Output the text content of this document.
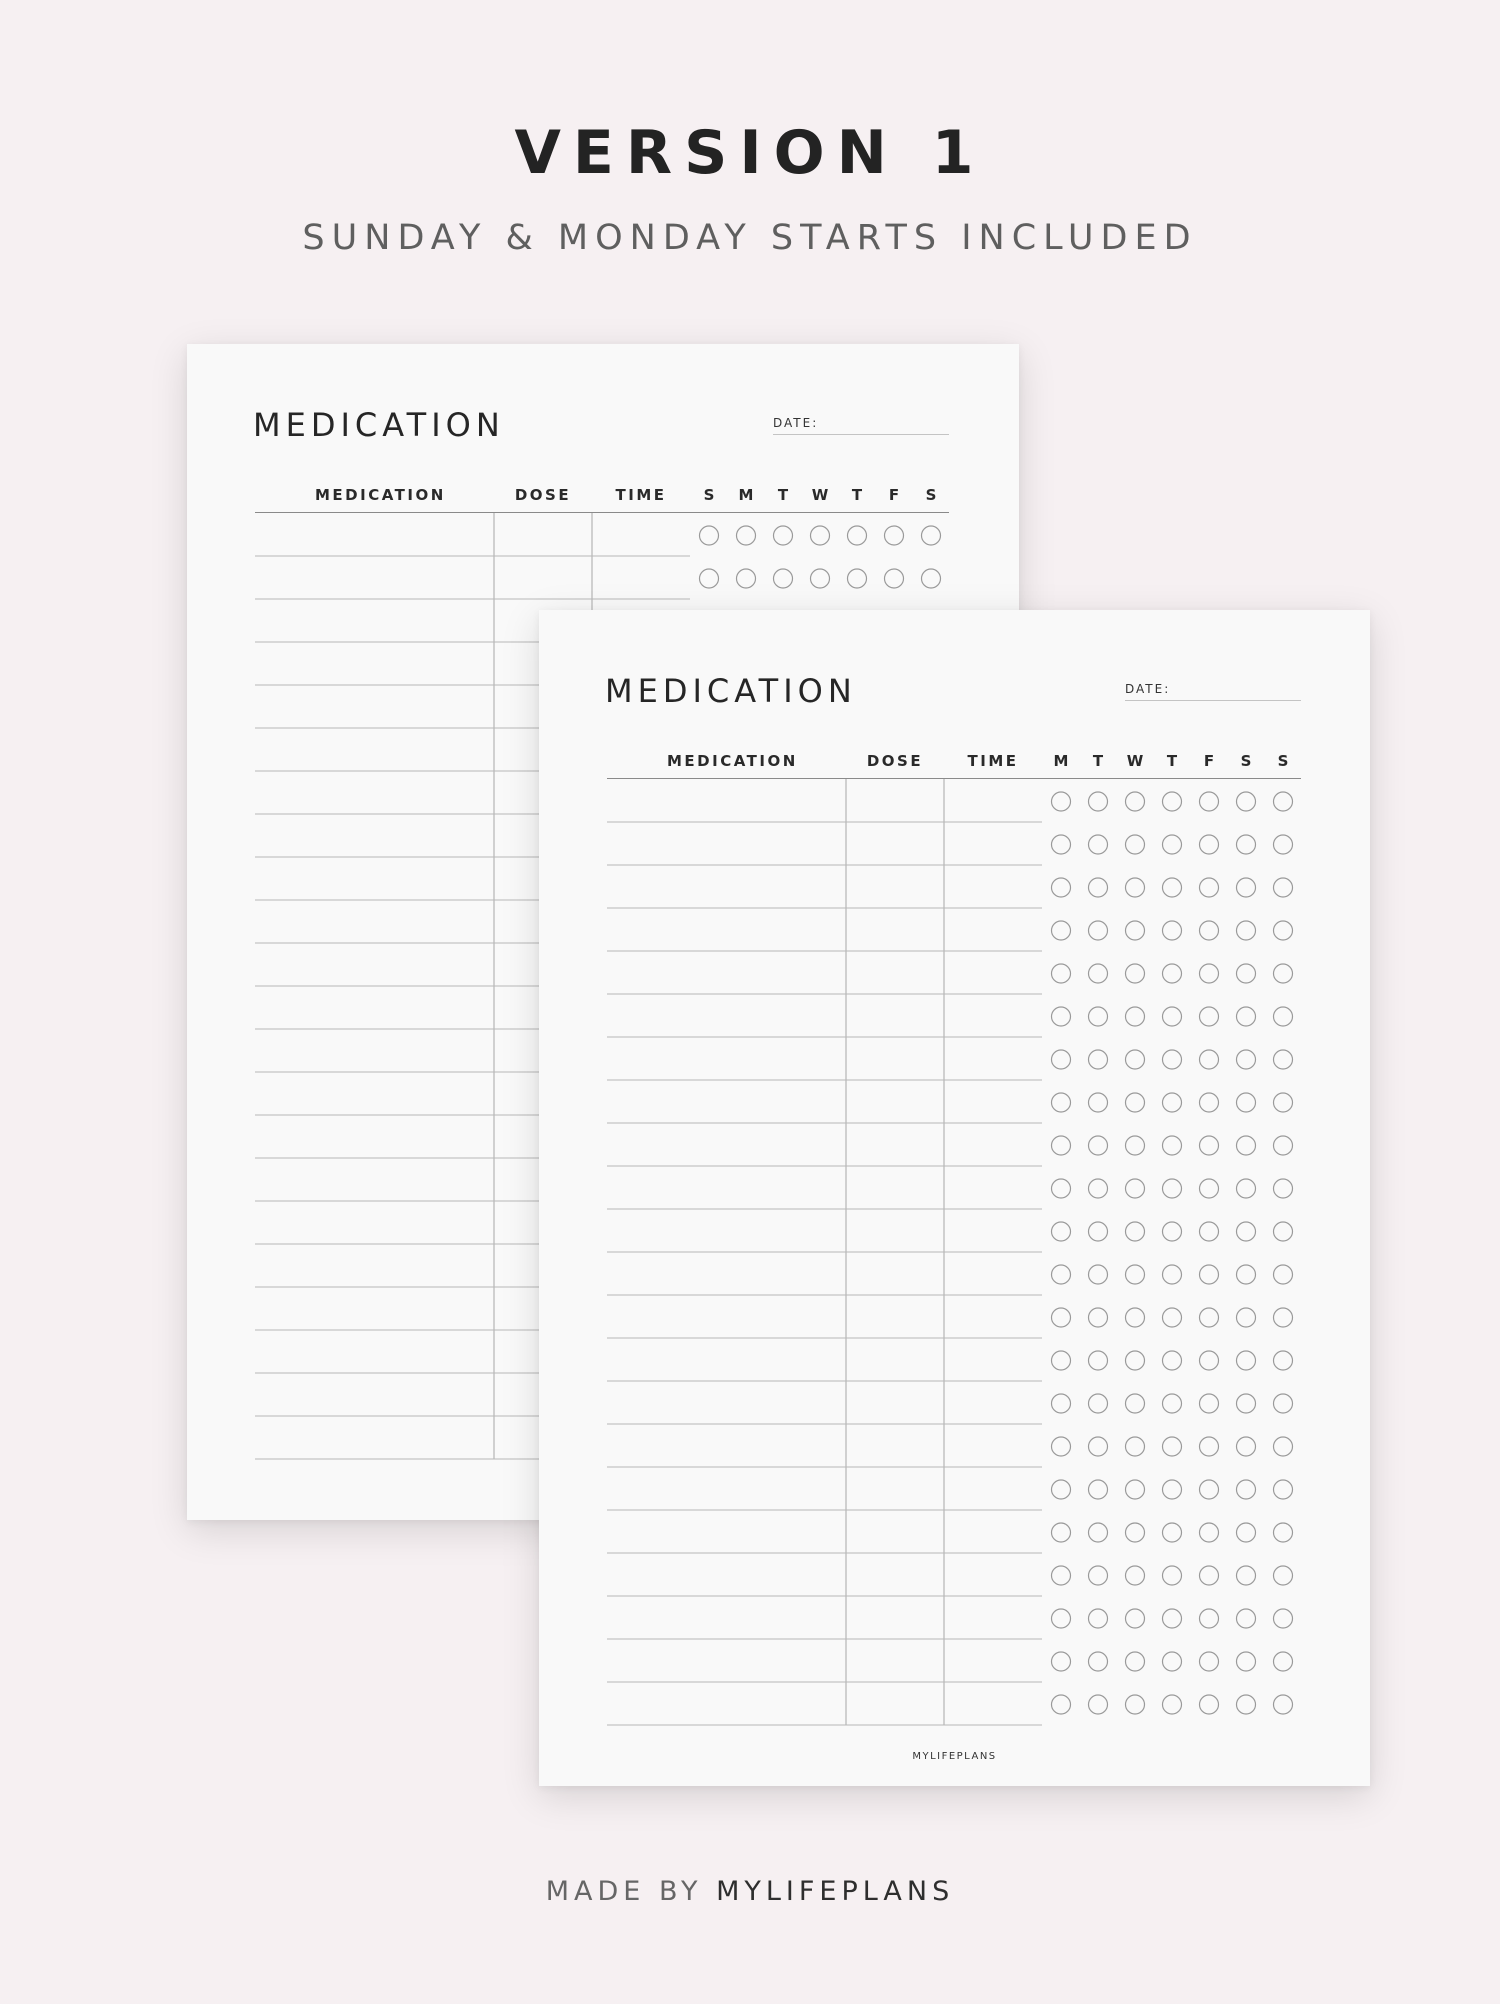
VERSION 1
SUNDAY & MONDAY STARTS INCLUDED
MEDICATION	DATE:
MEDICATION	DOSE	TIME	S	M	T	W	T	F	S
MEDICATION	DATE:
MEDICATION	DOSE	TIME	M	T	W	T	F	S	S
MYLIFEPLANS
MADE BY MYLIFEPLANS
